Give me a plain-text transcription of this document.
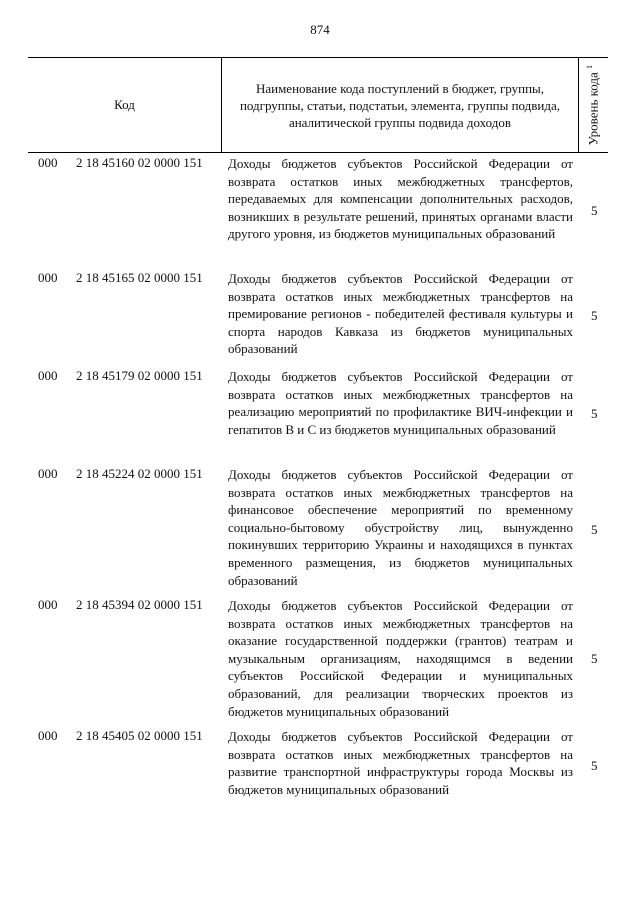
874
Код
Наименование кода поступлений в бюджет, группы, подгруппы, статьи, подстатьи, элемента, группы подвида, аналитической группы подвида доходов	Уровень кода $^1$
000 2 18 45160 02 0000 151 Доходы бюджетов субъектов Российской Федерации от возврата остатков иных межбюджетных трансфертов, передаваемых для компенсации дополнительных расходов, возникших в результате решений, принятых органами власти другого уровня, из бюджетов муниципальных образований
5
000 2 18 45165 02 0000 151 Доходы бюджетов субъектов Российской Федерации от возврата остатков иных межбюджетных трансфертов на премирование регионов - победителей фестиваля культуры и спорта народов Кавказа из бюджетов муниципальных образований
5
000 2 18 45179 02 0000 151 Доходы бюджетов субъектов Российской Федерации от возврата остатков иных межбюджетных трансфертов на реализацию мероприятий по профилактике ВИЧ-инфекции и гепатитов В и С из бюджетов муниципальных образований
5
000 2 18 45224 02 0000 151 Доходы бюджетов субъектов Российской Федерации от возврата остатков иных межбюджетных трансфертов на финансовое обеспечение мероприятий по временному социально-бытовому обустройству лиц, вынужденно покинувших территорию Украины и находящихся в пунктах временного размещения, из бюджетов муниципальных образований
5
000 2 18 45394 02 0000 151 Доходы бюджетов субъектов Российской Федерации от возврата остатков иных межбюджетных трансфертов на оказание государственной поддержки (грантов) театрам и музыкальным организациям, находящимся в ведении субъектов Российской Федерации и муниципальных образований, для реализации творческих проектов из бюджетов муниципальных образований
5
000 2 18 45405 02 0000 151 Доходы бюджетов субъектов Российской Федерации от возврата остатков иных межбюджетных трансфертов на развитие транспортной инфраструктуры города Москвы из бюджетов муниципальных образований
5
